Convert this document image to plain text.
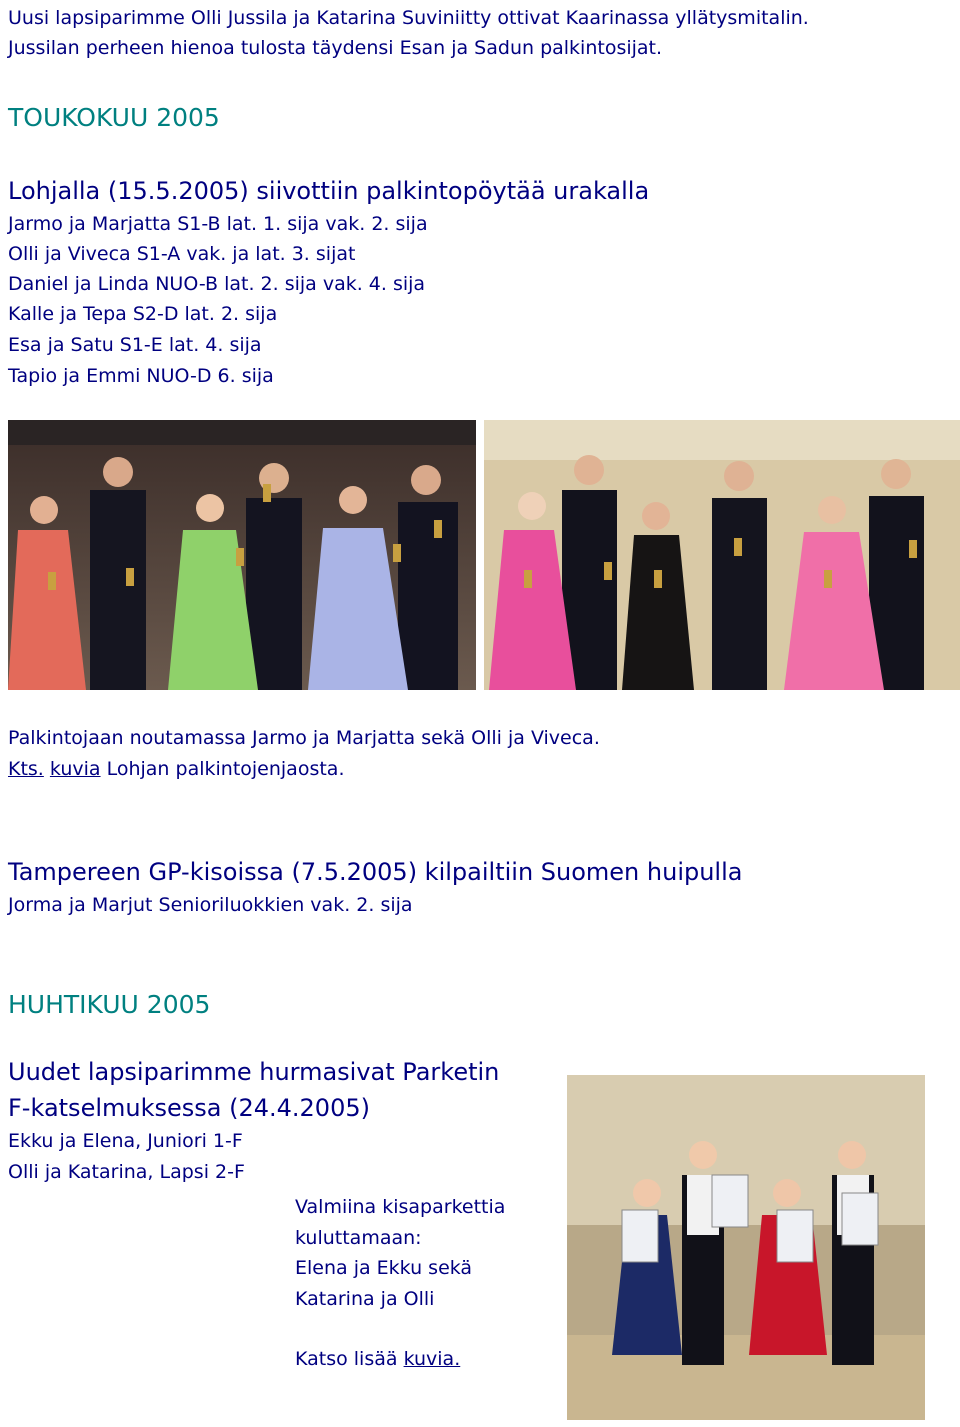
Uusi lapsiparimme Olli Jussila ja Katarina Suviniitty ottivat Kaarinassa yllätysmitalin.

Jussilan perheen hienoa tulosta täydensi Esan ja Sadun palkintosijat.

TOUKOKUU 2005

Lohjalla (15.5.2005) siivottiin palkintopöytää urakalla

Jarmo ja Marjatta S1-B lat. 1. sija vak. 2. sija

Olli ja Viveca S1-A vak. ja lat. 3. sijat

Daniel ja Linda NUO-B lat. 2. sija vak. 4. sija

Kalle ja Tepa S2-D lat. 2. sija

Esa ja Satu S1-E lat. 4. sija

Tapio ja Emmi NUO-D 6. sija

Palkintojaan noutamassa Jarmo ja Marjatta sekä Olli ja Viveca.

Kts. kuvia Lohjan palkintojenjaosta.

Tampereen GP-kisoissa (7.5.2005) kilpailtiin Suomen huipulla

Jorma ja Marjut Senioriluokkien vak. 2. sija

HUHTIKUU 2005

Uudet lapsiparimme hurmasivat Parketin

F-katselmuksessa (24.4.2005)

Ekku ja Elena, Juniori 1-F

Olli ja Katarina, Lapsi 2-F

Valmiina kisaparkettia

kuluttamaan:

Elena ja Ekku sekä

Katarina ja Olli

Katso lisää kuvia.
